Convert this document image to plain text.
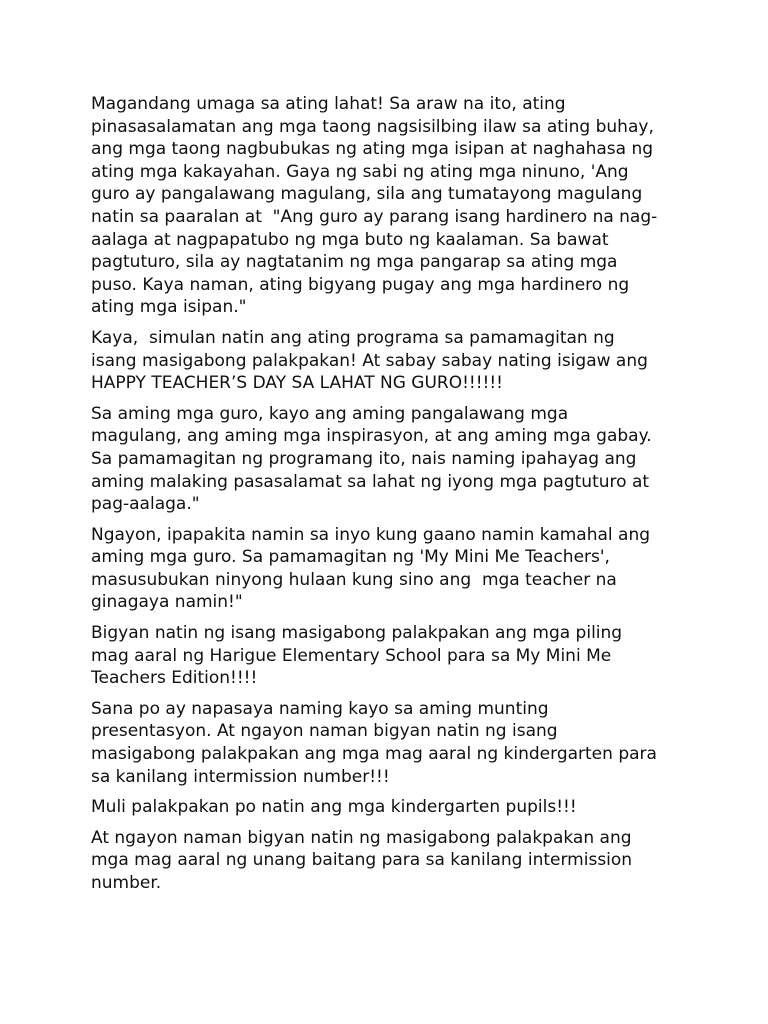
Magandang umaga sa ating lahat! Sa araw na ito, ating
pinasasalamatan ang mga taong nagsisilbing ilaw sa ating buhay,
ang mga taong nagbubukas ng ating mga isipan at naghahasa ng
ating mga kakayahan. Gaya ng sabi ng ating mga ninuno, 'Ang
guro ay pangalawang magulang, sila ang tumatayong magulang
natin sa paaralan at  "Ang guro ay parang isang hardinero na nag-
aalaga at nagpapatubo ng mga buto ng kaalaman. Sa bawat
pagtuturo, sila ay nagtatanim ng mga pangarap sa ating mga
puso. Kaya naman, ating bigyang pugay ang mga hardinero ng
ating mga isipan."

Kaya,  simulan natin ang ating programa sa pamamagitan ng
isang masigabong palakpakan! At sabay sabay nating isigaw ang
HAPPY TEACHER’S DAY SA LAHAT NG GURO!!!!!!

Sa aming mga guro, kayo ang aming pangalawang mga
magulang, ang aming mga inspirasyon, at ang aming mga gabay.
Sa pamamagitan ng programang ito, nais naming ipahayag ang
aming malaking pasasalamat sa lahat ng iyong mga pagtuturo at
pag-aalaga."

Ngayon, ipapakita namin sa inyo kung gaano namin kamahal ang
aming mga guro. Sa pamamagitan ng 'My Mini Me Teachers',
masusubukan ninyong hulaan kung sino ang  mga teacher na
ginagaya namin!"

Bigyan natin ng isang masigabong palakpakan ang mga piling
mag aaral ng Harigue Elementary School para sa My Mini Me
Teachers Edition!!!!

Sana po ay napasaya naming kayo sa aming munting
presentasyon. At ngayon naman bigyan natin ng isang
masigabong palakpakan ang mga mag aaral ng kindergarten para
sa kanilang intermission number!!!

Muli palakpakan po natin ang mga kindergarten pupils!!!

At ngayon naman bigyan natin ng masigabong palakpakan ang
mga mag aaral ng unang baitang para sa kanilang intermission
number.
